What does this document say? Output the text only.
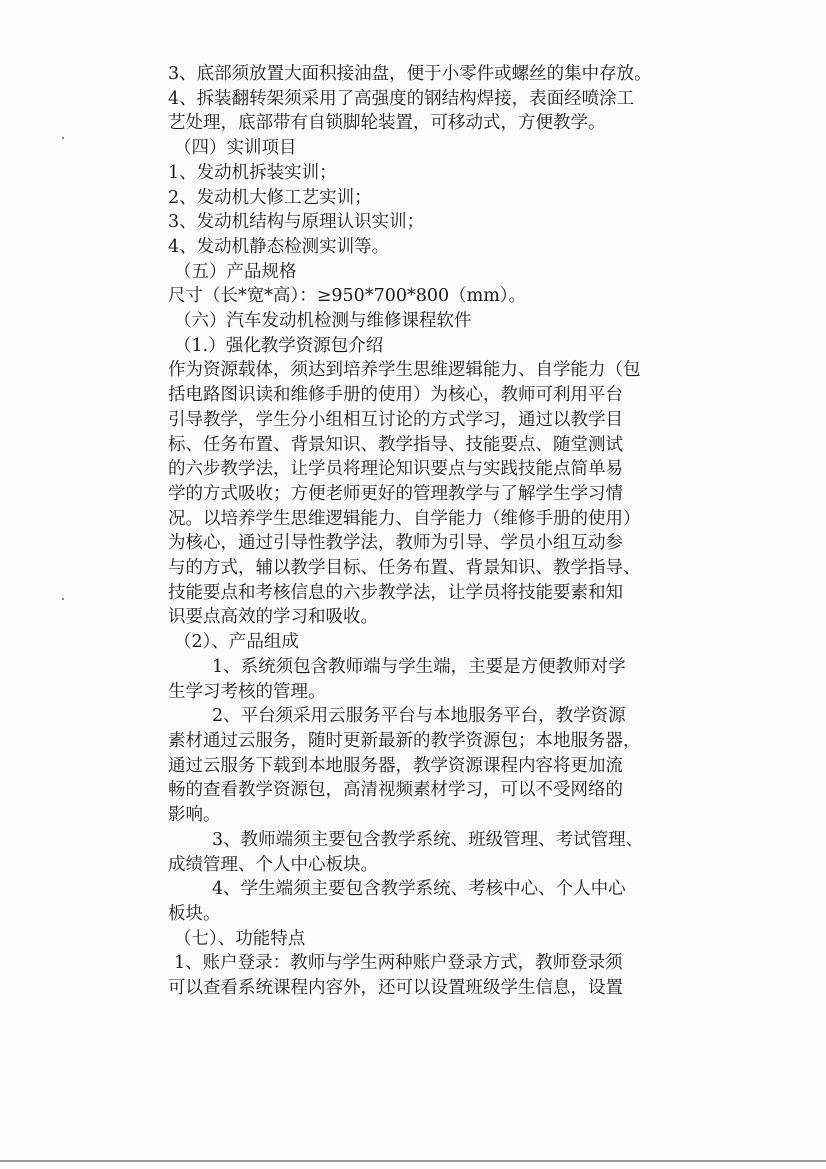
3、底部须放置大面积接油盘，便于小零件或螺丝的集中存放。
4、拆装翻转架须采用了高强度的钢结构焊接，表面经喷涂工
艺处理，底部带有自锁脚轮装置，可移动式，方便教学。
（四）实训项目
1、发动机拆装实训；
2、发动机大修工艺实训；
3、发动机结构与原理认识实训；
4、发动机静态检测实训等。
（五）产品规格
尺寸（长*宽*高）：≥950*700*800（mm）。
（六）汽车发动机检测与维修课程软件
（1.）强化教学资源包介绍
作为资源载体，须达到培养学生思维逻辑能力、自学能力（包
括电路图识读和维修手册的使用）为核心，教师可利用平台
引导教学，学生分小组相互讨论的方式学习，通过以教学目
标、任务布置、背景知识、教学指导、技能要点、随堂测试
的六步教学法，让学员将理论知识要点与实践技能点简单易
学的方式吸收；方便老师更好的管理教学与了解学生学习情
况。以培养学生思维逻辑能力、自学能力（维修手册的使用）
为核心，通过引导性教学法，教师为引导、学员小组互动参
与的方式，辅以教学目标、任务布置、背景知识、教学指导、
技能要点和考核信息的六步教学法，让学员将技能要素和知
识要点高效的学习和吸收。
（2）、产品组成
1、系统须包含教师端与学生端，主要是方便教师对学
生学习考核的管理。
2、平台须采用云服务平台与本地服务平台，教学资源
素材通过云服务，随时更新最新的教学资源包；本地服务器，
通过云服务下载到本地服务器，教学资源课程内容将更加流
畅的查看教学资源包，高清视频素材学习，可以不受网络的
影响。
3、教师端须主要包含教学系统、班级管理、考试管理、
成绩管理、个人中心板块。
4、学生端须主要包含教学系统、考核中心、个人中心
板块。
（七）、功能特点
1、账户登录：教师与学生两种账户登录方式，教师登录须
可以查看系统课程内容外，还可以设置班级学生信息，设置
